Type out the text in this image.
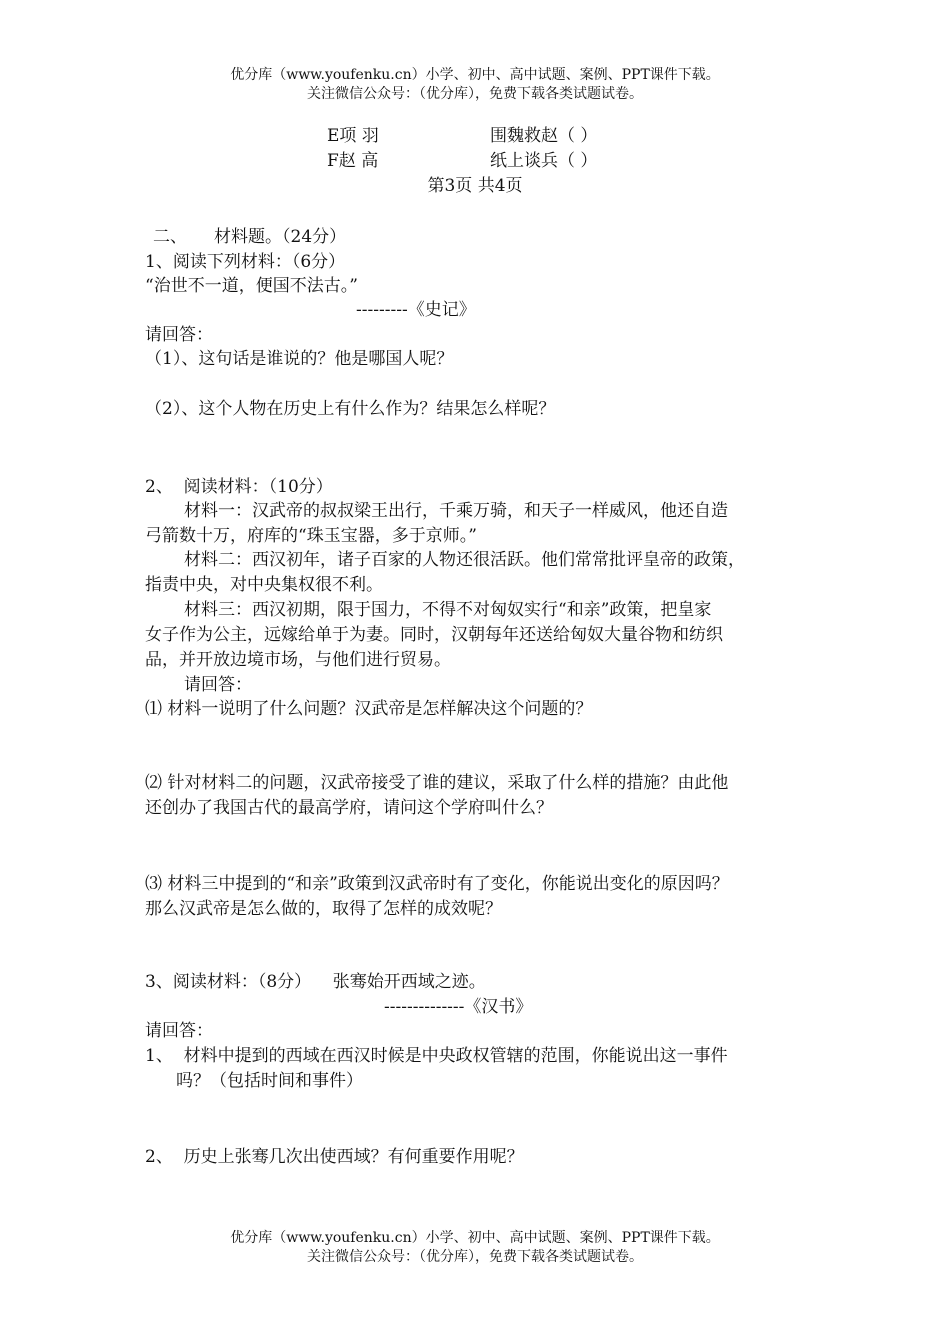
优分库（www.youfenku.cn）小学、初中、高中试题、案例、PPT课件下载。
关注微信公众号：（优分库），免费下载各类试题试卷。
E项 羽	围魏救赵（ ）
F赵 高	纸上谈兵（ ）
第3页 共4页
二、     材料题。（24分）
1、阅读下列材料：（6分）
“治世不一道，便国不法古。”
---------《史记》
请回答：
（1）、这句话是谁说的？他是哪国人呢？
（2）、这个人物在历史上有什么作为？结果怎么样呢？
2、  阅读材料：（10分）
材料一：汉武帝的叔叔梁王出行，千乘万骑，和天子一样威风，他还自造
弓箭数十万，府库的“珠玉宝器，多于京师。”
材料二：西汉初年，诸子百家的人物还很活跃。他们常常批评皇帝的政策，
指责中央，对中央集权很不利。
材料三：西汉初期，限于国力，不得不对匈奴实行“和亲”政策，把皇家
女子作为公主，远嫁给单于为妻。同时，汉朝每年还送给匈奴大量谷物和纺织
品，并开放边境市场，与他们进行贸易。
请回答：
⑴ 材料一说明了什么问题？汉武帝是怎样解决这个问题的？
⑵ 针对材料二的问题，汉武帝接受了谁的建议，采取了什么样的措施？由此他
还创办了我国古代的最高学府，请问这个学府叫什么？
⑶ 材料三中提到的“和亲”政策到汉武帝时有了变化，你能说出变化的原因吗？
那么汉武帝是怎么做的，取得了怎样的成效呢？
3、阅读材料：（8分）    张骞始开西域之迹。
--------------《汉书》
请回答：
1、  材料中提到的西域在西汉时候是中央政权管辖的范围，你能说出这一事件
吗？（包括时间和事件）
2、  历史上张骞几次出使西域？有何重要作用呢？
优分库（www.youfenku.cn）小学、初中、高中试题、案例、PPT课件下载。
关注微信公众号：（优分库），免费下载各类试题试卷。
